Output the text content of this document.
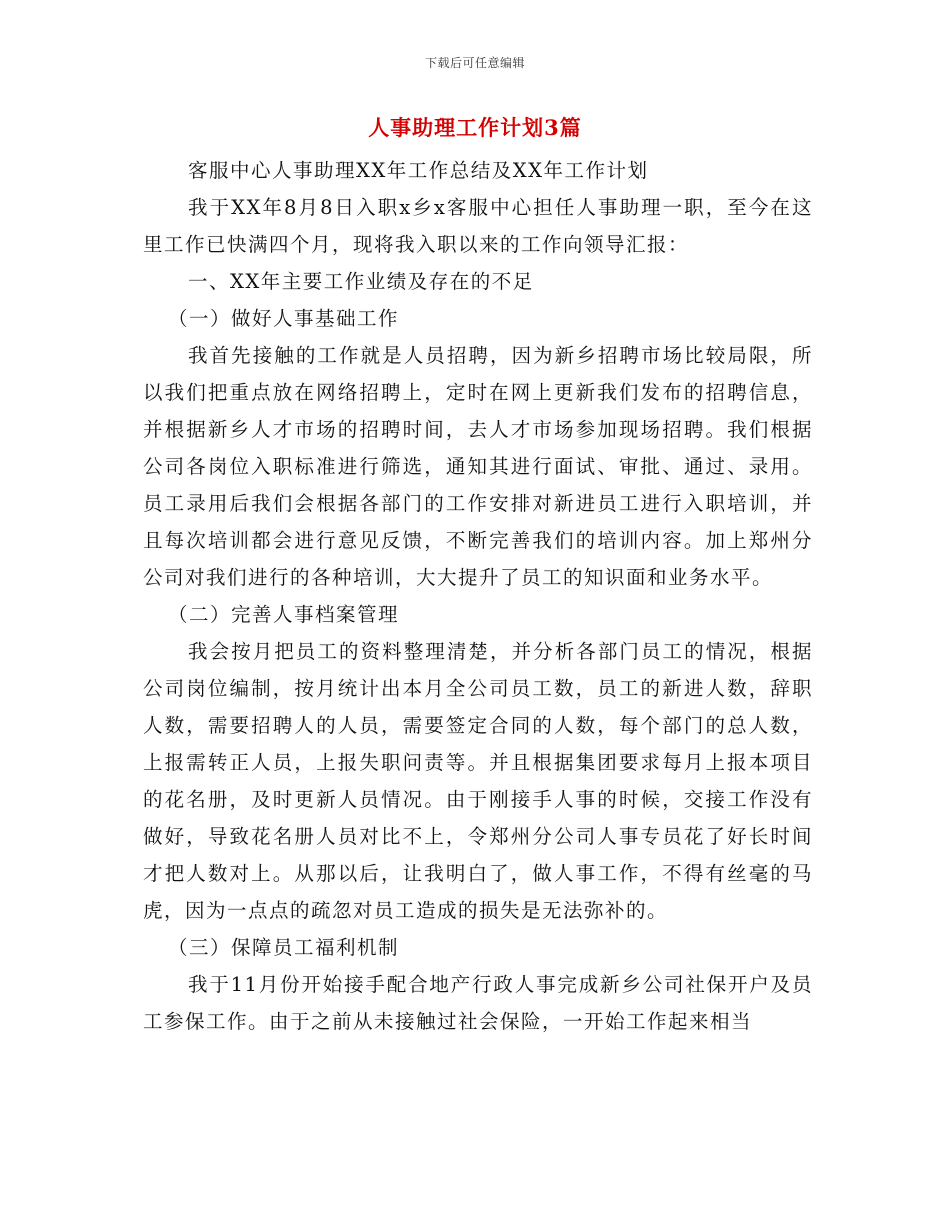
下载后可任意编辑
人事助理工作计划3篇

客服中心人事助理XX年工作总结及XX年工作计划

我于XX年8月8日入职x乡x客服中心担任人事助理一职，至今在这里工作已快满四个月，现将我入职以来的工作向领导汇报：

一、XX年主要工作业绩及存在的不足

（一）做好人事基础工作

我首先接触的工作就是人员招聘，因为新乡招聘市场比较局限，所以我们把重点放在网络招聘上，定时在网上更新我们发布的招聘信息，并根据新乡人才市场的招聘时间，去人才市场参加现场招聘。我们根据公司各岗位入职标准进行筛选，通知其进行面试、审批、通过、录用。员工录用后我们会根据各部门的工作安排对新进员工进行入职培训，并且每次培训都会进行意见反馈，不断完善我们的培训内容。加上郑州分公司对我们进行的各种培训，大大提升了员工的知识面和业务水平。

（二）完善人事档案管理

我会按月把员工的资料整理清楚，并分析各部门员工的情况，根据公司岗位编制，按月统计出本月全公司员工数，员工的新进人数，辞职人数，需要招聘人的人员，需要签定合同的人数，每个部门的总人数，上报需转正人员，上报失职问责等。并且根据集团要求每月上报本项目的花名册，及时更新人员情况。由于刚接手人事的时候，交接工作没有做好，导致花名册人员对比不上，令郑州分公司人事专员花了好长时间才把人数对上。从那以后，让我明白了，做人事工作，不得有丝毫的马虎，因为一点点的疏忽对员工造成的损失是无法弥补的。

（三）保障员工福利机制

我于11月份开始接手配合地产行政人事完成新乡公司社保开户及员工参保工作。由于之前从未接触过社会保险，一开始工作起来相当
